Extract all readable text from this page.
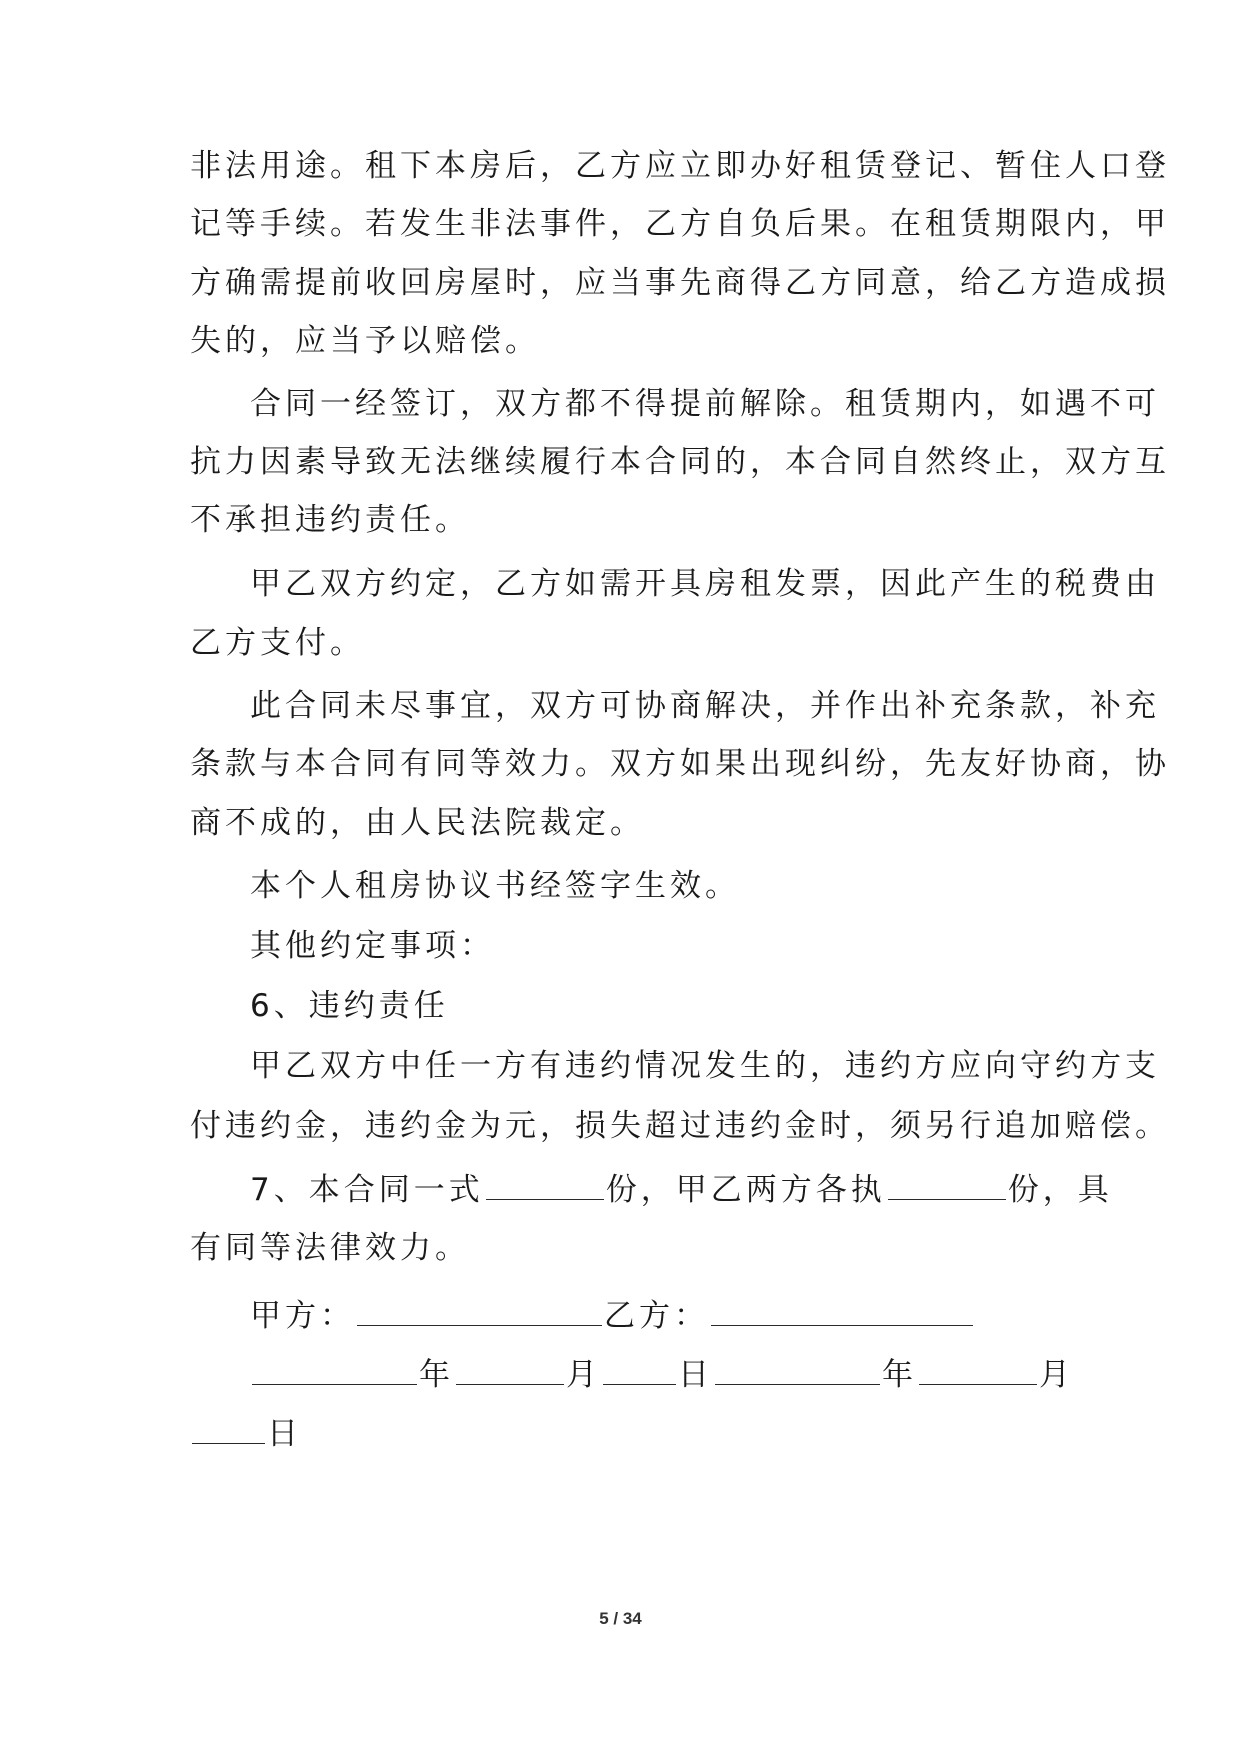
非法用途。租下本房后，乙方应立即办好租赁登记、暂住人口登
记等手续。若发生非法事件，乙方自负后果。在租赁期限内，甲
方确需提前收回房屋时，应当事先商得乙方同意，给乙方造成损
失的，应当予以赔偿。
合同一经签订，双方都不得提前解除。租赁期内，如遇不可
抗力因素导致无法继续履行本合同的，本合同自然终止，双方互
不承担违约责任。
甲乙双方约定，乙方如需开具房租发票，因此产生的税费由
乙方支付。
此合同未尽事宜，双方可协商解决，并作出补充条款，补充
条款与本合同有同等效力。双方如果出现纠纷，先友好协商，协
商不成的，由人民法院裁定。
本个人租房协议书经签字生效。
其他约定事项：
6、违约责任
甲乙双方中任一方有违约情况发生的，违约方应向守约方支
付违约金，违约金为元，损失超过违约金时，须另行追加赔偿。
7、本合同一式	份，甲乙两方各执	份，具
有同等法律效力。
甲方：	乙方：
年	月 日	年	月
日
5 / 34
